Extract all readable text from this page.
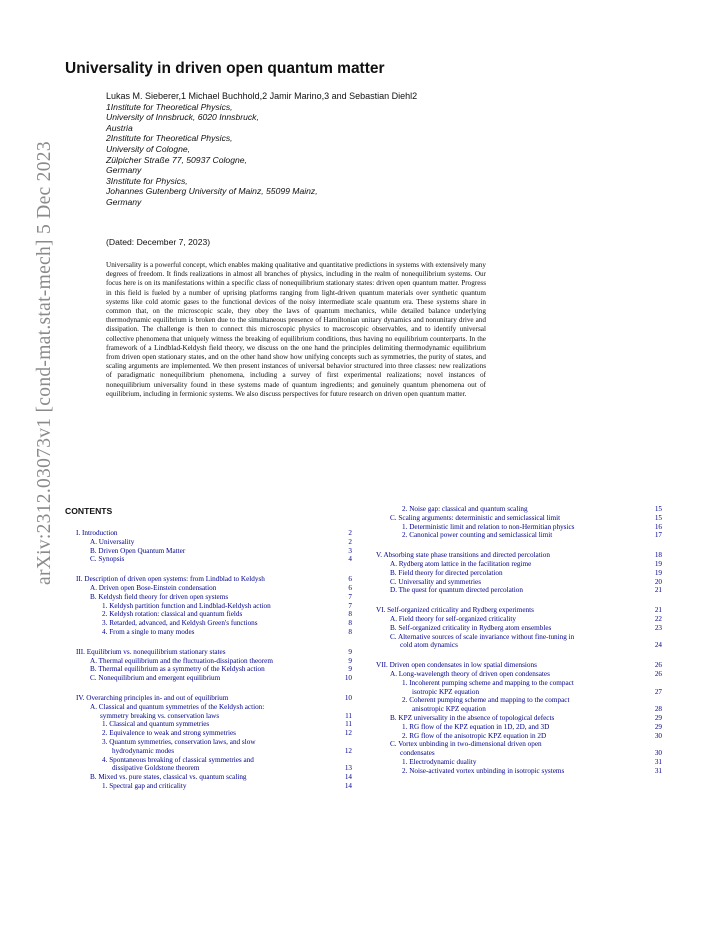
arXiv:2312.03073v1 [cond-mat.stat-mech] 5 Dec 2023
Universality in driven open quantum matter
Lukas M. Sieberer,1 Michael Buchhold,2 Jamir Marino,3 and Sebastian Diehl2
1Institute for Theoretical Physics,
University of Innsbruck, 6020 Innsbruck,
Austria
2Institute for Theoretical Physics,
University of Cologne,
Zülpicher Straße 77, 50937 Cologne,
Germany
3Institute for Physics,
Johannes Gutenberg University of Mainz, 55099 Mainz,
Germany
(Dated: December 7, 2023)
Universality is a powerful concept, which enables making qualitative and quantitative predictions in systems with extensively many degrees of freedom. It finds realizations in almost all branches of physics, including in the realm of nonequilibrium systems. Our focus here is on its manifestations within a specific class of nonequilibrium stationary states: driven open quantum matter. Progress in this field is fueled by a number of uprising platforms ranging from light-driven quantum materials over synthetic quantum systems like cold atomic gases to the functional devices of the noisy intermediate scale quantum era. These systems share in common that, on the microscopic scale, they obey the laws of quantum mechanics, while detailed balance underlying thermodynamic equilibrium is broken due to the simultaneous presence of Hamiltonian unitary dynamics and nonunitary drive and dissipation. The challenge is then to connect this microscopic physics to macroscopic observables, and to identify universal collective phenomena that uniquely witness the breaking of equilibrium conditions, thus having no equilibrium counterparts. In the framework of a Lindblad-Keldysh field theory, we discuss on the one hand the principles delimiting thermodynamic equilibrium from driven open stationary states, and on the other hand show how unifying concepts such as symmetries, the purity of states, and scaling arguments are implemented. We then present instances of universal behavior structured into three classes: new realizations of paradigmatic nonequilibrium phenomena, including a survey of first experimental realizations; novel instances of nonequilibrium universality found in these systems made of quantum ingredients; and genuinely quantum phenomena out of equilibrium, including in fermionic systems. We also discuss perspectives for future research on driven open quantum matter.
CONTENTS
I. Introduction	2
A. Universality	2
B. Driven Open Quantum Matter	3
C. Synopsis	4
II. Description of driven open systems: from Lindblad to Keldysh	6
A. Driven open Bose-Einstein condensation	6
B. Keldysh field theory for driven open systems	7
1. Keldysh partition function and Lindblad-Keldysh action	7
2. Keldysh rotation: classical and quantum fields	8
3. Retarded, advanced, and Keldysh Green's functions	8
4. From a single to many modes	8
III. Equilibrium vs. nonequilibrium stationary states	9
A. Thermal equilibrium and the fluctuation-dissipation theorem	9
B. Thermal equilibrium as a symmetry of the Keldysh action	9
C. Nonequilibrium and emergent equilibrium	10
IV. Overarching principles in- and out of equilibrium	10
A. Classical and quantum symmetries of the Keldysh action:
symmetry breaking vs. conservation laws	11
1. Classical and quantum symmetries	11
2. Equivalence to weak and strong symmetries	12
3. Quantum symmetries, conservation laws, and slow
hydrodynamic modes	12
4. Spontaneous breaking of classical symmetries and
dissipative Goldstone theorem	13
B. Mixed vs. pure states, classical vs. quantum scaling	14
1. Spectral gap and criticality	14
2. Noise gap: classical and quantum scaling	15
C. Scaling arguments: deterministic and semiclassical limit	15
1. Deterministic limit and relation to non-Hermitian physics	16
2. Canonical power counting and semiclassical limit	17
V. Absorbing state phase transitions and directed percolation	18
A. Rydberg atom lattice in the facilitation regime	19
B. Field theory for directed percolation	19
C. Universality and symmetries	20
D. The quest for quantum directed percolation	21
VI. Self-organized criticality and Rydberg experiments	21
A. Field theory for self-organized criticality	22
B. Self-organized criticality in Rydberg atom ensembles	23
C. Alternative sources of scale invariance without fine-tuning in
cold atom dynamics	24
VII. Driven open condensates in low spatial dimensions	26
A. Long-wavelength theory of driven open condensates	26
1. Incoherent pumping scheme and mapping to the compact
isotropic KPZ equation	27
2. Coherent pumping scheme and mapping to the compact
anisotropic KPZ equation	28
B. KPZ universality in the absence of topological defects	29
1. RG flow of the KPZ equation in 1D, 2D, and 3D	29
2. RG flow of the anisotropic KPZ equation in 2D	30
C. Vortex unbinding in two-dimensional driven open
condensates	30
1. Electrodynamic duality	31
2. Noise-activated vortex unbinding in isotropic systems	31
